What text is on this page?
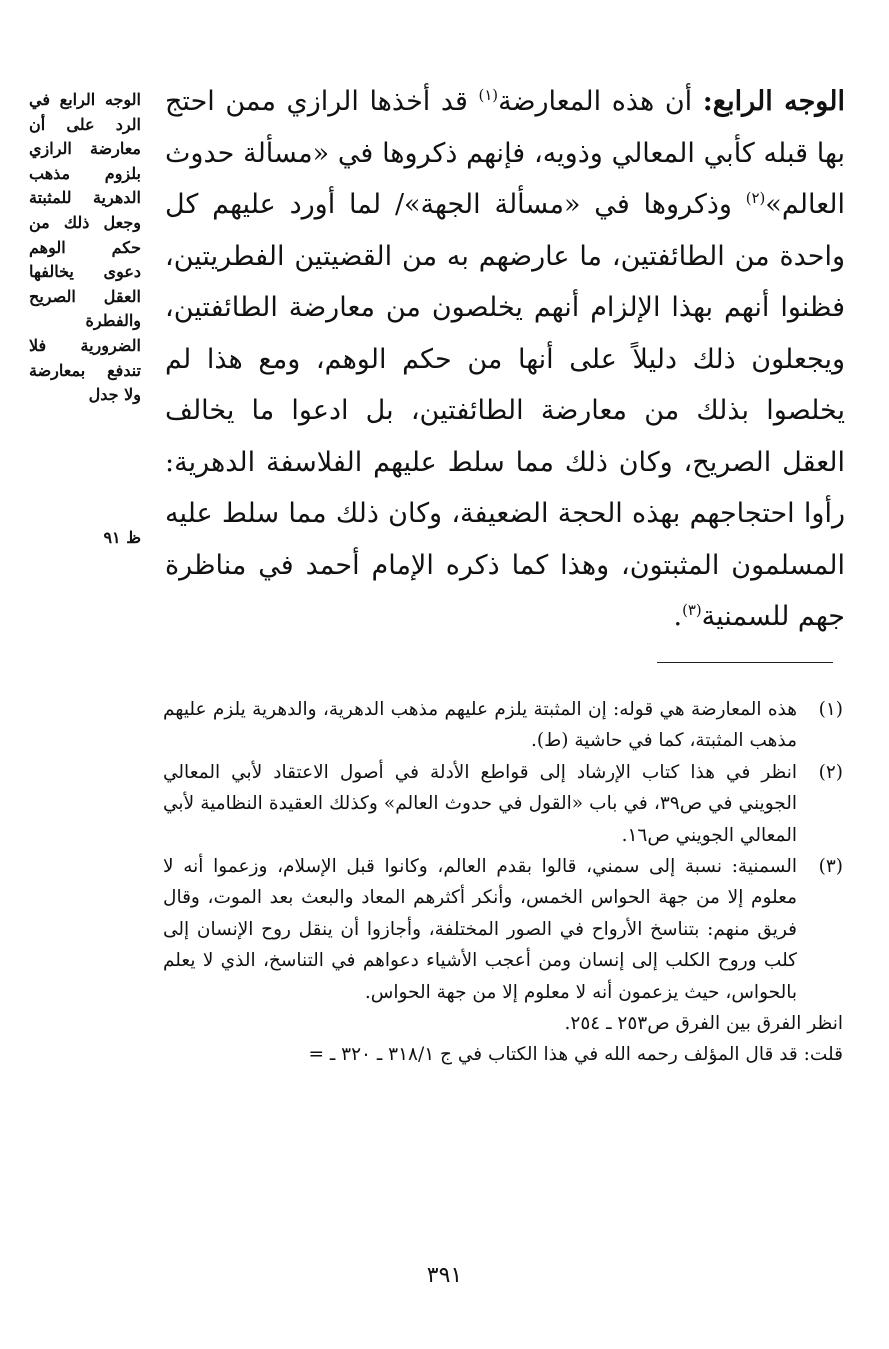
الوجه الرابع: أن هذه المعارضة$^{(١)}$ قد أخذها الرازي ممن احتج بها قبله كأبي المعالي وذويه، فإنهم ذكروها في «مسألة حدوث العالم»$^{(٢)}$ وذكروها في «مسألة الجهة»/ لما أورد عليهم كل واحدة من الطائفتين، ما عارضهم به من القضيتين الفطريتين، فظنوا أنهم بهذا الإلزام أنهم يخلصون من معارضة الطائفتين، ويجعلون ذلك دليلاً على أنها من حكم الوهم، ومع هذا لم يخلصوا بذلك من معارضة الطائفتين، بل ادعوا ما يخالف العقل الصريح، وكان ذلك مما سلط عليهم الفلاسفة الدهرية: رأوا احتجاجهم بهذه الحجة الضعيفة، وكان ذلك مما سلط عليه المسلمون المثبتون، وهذا كما ذكره الإمام أحمد في مناظرة جهم للسمنية$^{(٣)}$.
الوجه الرابع في الرد على أن معارضة الرازي بلزوم مذهب الدهرية للمثبتة وجعل ذلك من حكم الوهم دعوى يخالفها العقل الصريح والفطرة الضرورية فلا تندفع بمعارضة ولا جدل
ظ ٩١
(١)
هذه المعارضة هي قوله: إن المثبتة يلزم عليهم مذهب الدهرية، والدهرية يلزم عليهم مذهب المثبتة، كما في حاشية (ط).
(٢)
انظر في هذا كتاب الإرشاد إلى قواطع الأدلة في أصول الاعتقاد لأبي المعالي الجويني في ص٣٩، في باب «القول في حدوث العالم» وكذلك العقيدة النظامية لأبي المعالي الجويني ص١٦.
(٣)
السمنية: نسبة إلى سمني، قالوا بقدم العالم، وكانوا قبل الإسلام، وزعموا أنه لا معلوم إلا من جهة الحواس الخمس، وأنكر أكثرهم المعاد والبعث بعد الموت، وقال فريق منهم: بتناسخ الأرواح في الصور المختلفة، وأجازوا أن ينقل روح الإنسان إلى كلب وروح الكلب إلى إنسان ومن أعجب الأشياء دعواهم في التناسخ، الذي لا يعلم بالحواس، حيث يزعمون أنه لا معلوم إلا من جهة الحواس.
انظر الفرق بين الفرق ص٢٥٣ ـ ٢٥٤.
قلت: قد قال المؤلف رحمه الله في هذا الكتاب في ج ٣١٨/١ ـ ٣٢٠ ـ =
٣٩١
